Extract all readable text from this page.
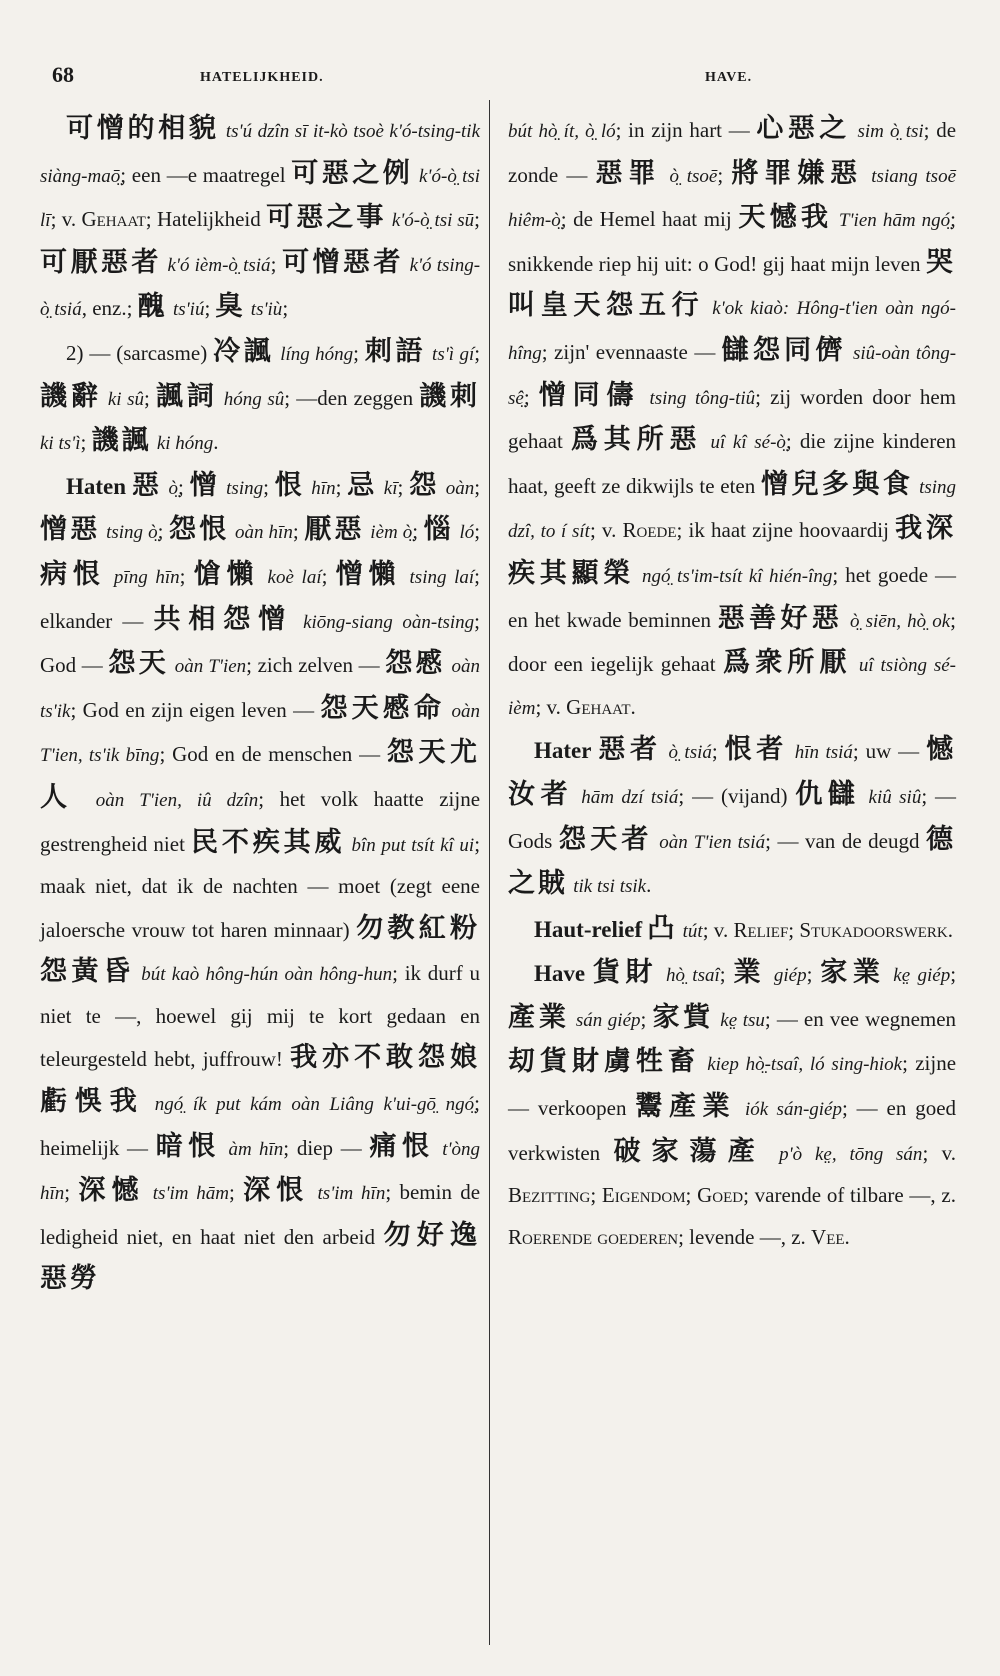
68	HATELIJKHEID.	HAVE.

可憎的相貌 ts'ú dzîn sī it-kò tsoè k'ó-tsing-tik siàng-maō̤; een —e maatregel 可惡之例 k'ó-ò̤ tsi lī; v. Gehaat; Hatelijkheid 可惡之事 k'ó-ò̤ tsi sū; 可厭惡者 k'ó ièm-ò̤ tsiá; 可憎惡者 k'ó tsing-ò̤ tsiá, enz.; 醜 ts'iú; 臭 ts'iù;

2) — (sarcasme) 冷諷 líng hóng; 刺語 ts'ì gí; 譏辭 ki sû; 諷詞 hóng sû; —den zeggen 譏刺 ki ts'ì; 譏諷 ki hóng.

Haten 惡 ò̤; 憎 tsing; 恨 hīn; 忌 kī; 怨 oàn; 憎惡 tsing ò̤; 怨恨 oàn hīn; 厭惡 ièm ò̤; 惱 ló; 病恨 pīng hīn; 愴懶 koè laí; 憎懶 tsing laí; elkander — 共相怨憎 kiōng-siang oàn-tsing; God — 怨天 oàn T'ien; zich zelven — 怨慼 oàn ts'ik; God en zijn eigen leven — 怨天慼命 oàn T'ien, ts'ik bīng; God en de menschen — 怨天尤人 oàn T'ien, iû dzîn; het volk haatte zijne gestrengheid niet 民不疾其威 bîn put tsít kî ui; maak niet, dat ik de nachten — moet (zegt eene jaloersche vrouw tot haren minnaar) 勿教紅粉怨黃昏 bút kaò hông-hún oàn hông-hun; ik durf u niet te —, hoewel gij mij te kort gedaan en teleurgesteld hebt, juffrouw! 我亦不敢怨娘虧悞我 ngó̤ ík put kám oàn Liâng k'ui-gō̤ ngó̤; heimelijk — 暗恨 àm hīn; diep — 痛恨 t'òng hīn; 深憾 ts'im hām; 深恨 ts'im hīn; bemin de ledigheid niet, en haat niet den arbeid 勿好逸惡勞

bút hò̤ ít, ò̤ ló; in zijn hart — 心惡之 sim ò̤ tsi; de zonde — 惡罪 ò̤ tsoē; 將罪嫌惡 tsiang tsoē hiêm-ò̤; de Hemel haat mij 天憾我 T'ien hām ngó̤; snikkende riep hij uit: o God! gij haat mijn leven 哭叫皇天怨五行 k'ok kiaò: Hông-t'ien oàn ngó-hîng; zijn' evennaaste — 讎怨同儕 siû-oàn tông-sê̤; 憎同儔 tsing tông-tiû; zij worden door hem gehaat 爲其所惡 uî kî sé-ò̤; die zijne kinderen haat, geeft ze dikwijls te eten 憎兒多與食 tsing dzî, to í sít; v. Roede; ik haat zijne hoovaardij 我深疾其顯榮 ngó̤ ts'im-tsít kî hién-îng; het goede — en het kwade beminnen 惡善好惡 ò̤ siēn, hò̤ ok; door een iegelijk gehaat 爲衆所厭 uî tsiòng sé-ièm; v. Gehaat.

Hater 惡者 ò̤ tsiá; 恨者 hīn tsiá; uw — 憾汝者 hām dzí tsiá; — (vijand) 仇讎 kiû siû; — Gods 怨天者 oàn T'ien tsiá; — van de deugd 德之賊 tik tsi tsik.

Haut-relief 凸 tút; v. Relief; Stukadoorswerk.

Have 貨財 hò̤ tsaî; 業 giép; 家業 ke̤ giép; 產業 sán giép; 家貲 ke̤ tsu; — en vee wegnemen 刧貨財虜牲畜 kiep hò̤-tsaî, ló sing-hiok; zijne — verkoopen 鬻產業 iók sán-giép; — en goed verkwisten 破家蕩產 p'ò ke̤, tōng sán; v. Bezitting; Eigendom; Goed; varende of tilbare —, z. Roerende goederen; levende —, z. Vee.
